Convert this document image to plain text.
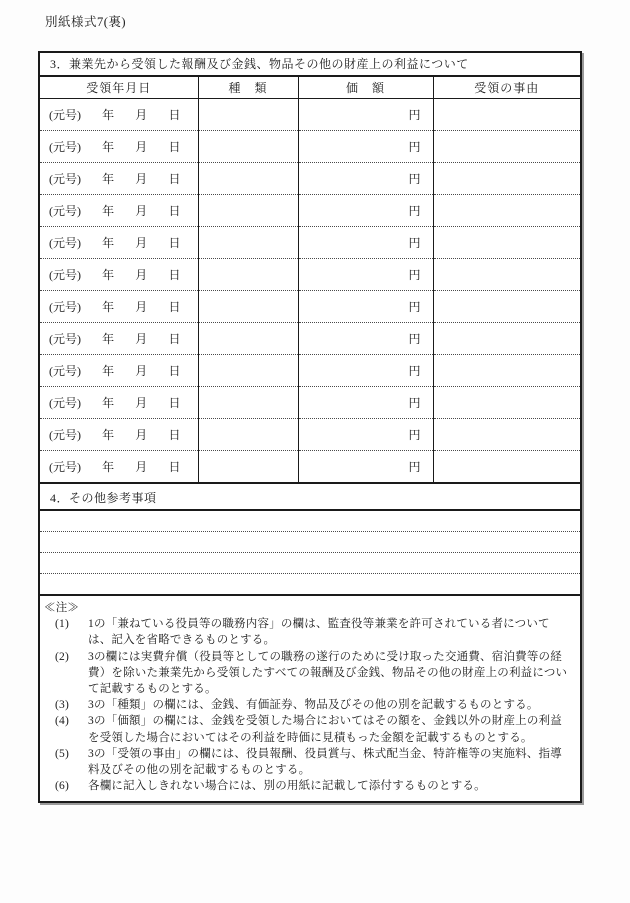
別紙様式7(裏)
3．兼業先から受領した報酬及び金銭、物品その他の財産上の利益について
受領年月日	種　類	価　額	受領の事由

(元号) 年 月 日		円	

(元号) 年 月 日		円	

(元号) 年 月 日		円	

(元号) 年 月 日		円	

(元号) 年 月 日		円	

(元号) 年 月 日		円	

(元号) 年 月 日		円	

(元号) 年 月 日		円	

(元号) 年 月 日		円	

(元号) 年 月 日		円	

(元号) 年 月 日		円	

(元号) 年 月 日		円	
4．その他参考事項
≪注≫
(1)	1の「兼ねている役員等の職務内容」の欄は、監査役等兼業を許可されている者については、記入を省略できるものとする。
(2)	3の欄には実費弁償（役員等としての職務の遂行のために受け取った交通費、宿泊費等の経費）を除いた兼業先から受領したすべての報酬及び金銭、物品その他の財産上の利益について記載するものとする。
(3)	3の「種類」の欄には、金銭、有価証券、物品及びその他の別を記載するものとする。
(4)	3の「価額」の欄には、金銭を受領した場合においてはその額を、金銭以外の財産上の利益を受領した場合においてはその利益を時価に見積もった金額を記載するものとする。
(5)	3の「受領の事由」の欄には、役員報酬、役員賞与、株式配当金、特許権等の実施料、指導料及びその他の別を記載するものとする。
(6)	各欄に記入しきれない場合には、別の用紙に記載して添付するものとする。
